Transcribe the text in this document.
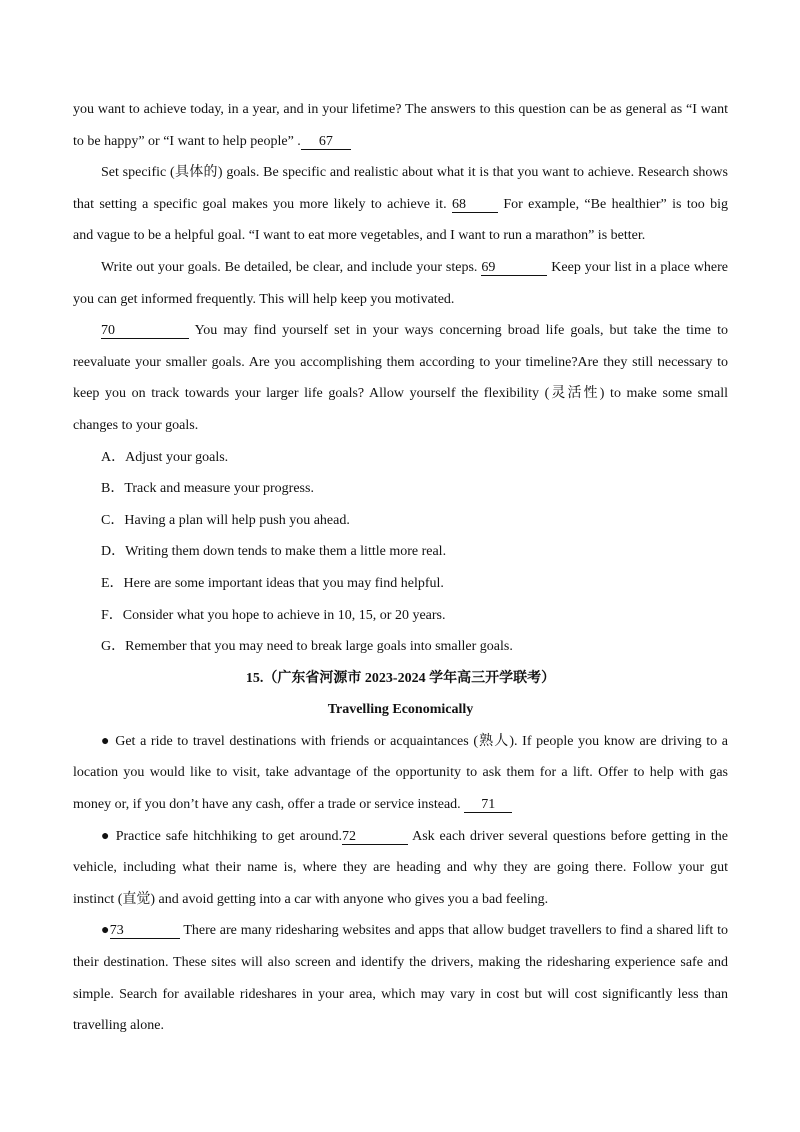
you want to achieve today, in a year, and in your lifetime? The answers to this question can be as general as “I want
to be happy” or “I want to help people” . 67
Set specific (具体的) goals. Be specific and realistic about what it is that you want to achieve. Research shows
that setting a specific goal makes you more likely to achieve it. 68	For example, “Be healthier” is too big
and vague to be a helpful goal. “I want to eat more vegetables, and I want to run a marathon” is better.
Write out your goals. Be detailed, be clear, and include your steps. 69	Keep your list in a place where
you can get informed frequently. This will help keep you motivated.
70	You may find yourself set in your ways concerning broad life goals, but take the time to
reevaluate your smaller goals. Are you accomplishing them according to your timeline?Are they still necessary to
keep you on track towards your larger life goals? Allow yourself the flexibility (灵活性) to make some small
changes to your goals.
A．Adjust your goals.
B．Track and measure your progress.
C．Having a plan will help push you ahead.
D．Writing them down tends to make them a little more real.
E．Here are some important ideas that you may find helpful.
F．Consider what you hope to achieve in 10, 15, or 20 years.
G．Remember that you may need to break large goals into smaller goals.
15.（广东省河源市 2023-2024 学年高三开学联考）
Travelling Economically
● Get a ride to travel destinations with friends or acquaintances (熟人). If people you know are driving to a
location you would like to visit, take advantage of the opportunity to ask them for a lift. Offer to help with gas
money or, if you don’t have any cash, offer a trade or service instead. 71
● Practice safe hitchhiking to get around.72	Ask each driver several questions before getting in the
vehicle, including what their name is, where they are heading and why they are going there. Follow your gut
instinct (直觉) and avoid getting into a car with anyone who gives you a bad feeling.
●73	There are many ridesharing websites and apps that allow budget travellers to find a shared lift to
their destination. These sites will also screen and identify the drivers, making the ridesharing experience safe and
simple. Search for available rideshares in your area, which may vary in cost but will cost significantly less than
travelling alone.
